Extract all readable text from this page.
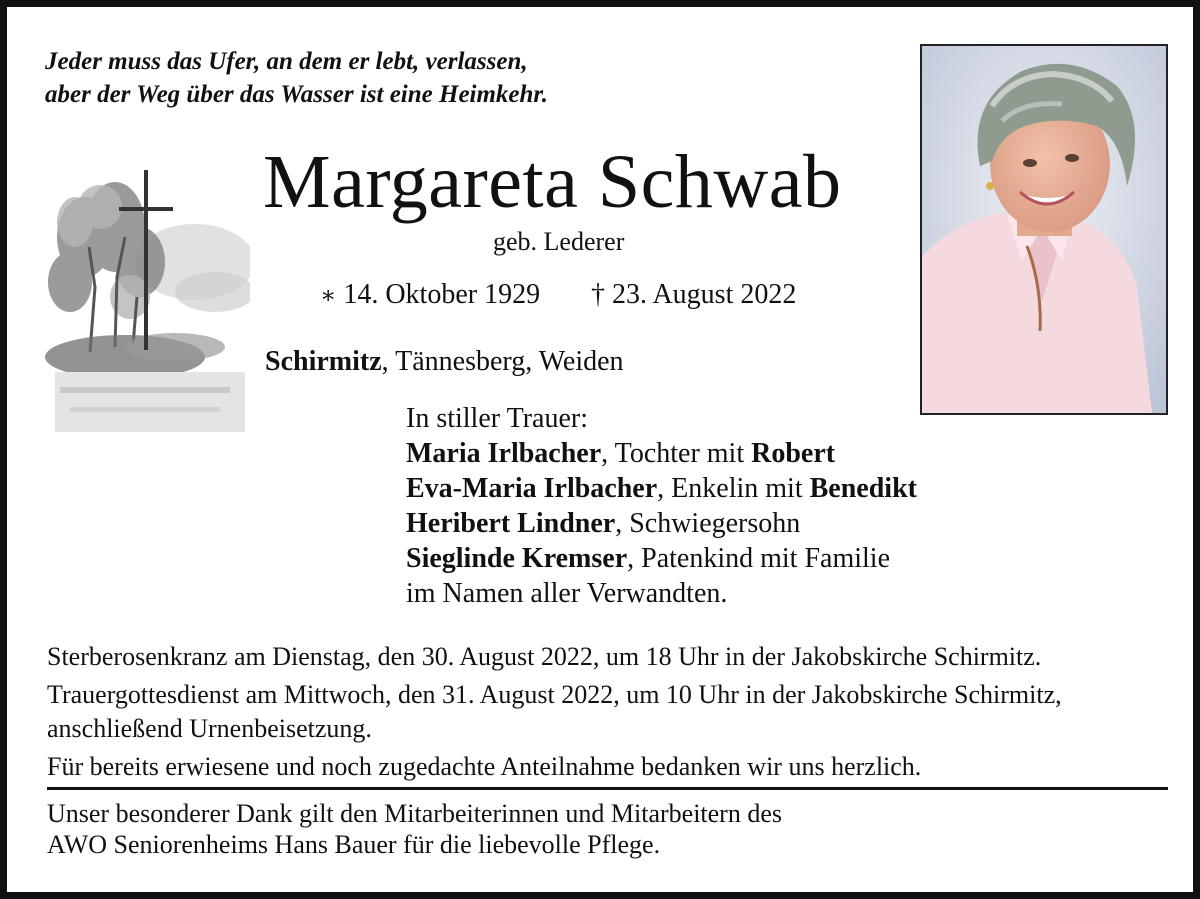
Jeder muss das Ufer, an dem er lebt, verlassen,
aber der Weg über das Wasser ist eine Heimkehr.
Margareta Schwab
geb. Lederer
∗ 14. Oktober 1929 † 23. August 2022
Schirmitz, Tännesberg, Weiden
In stiller Trauer:
Maria Irlbacher, Tochter mit Robert
Eva-Maria Irlbacher, Enkelin mit Benedikt
Heribert Lindner, Schwiegersohn
Sieglinde Kremser, Patenkind mit Familie
im Namen aller Verwandten.
Sterberosenkranz am Dienstag, den 30. August 2022, um 18 Uhr in der Jakobskirche Schirmitz.
Trauergottesdienst am Mittwoch, den 31. August 2022, um 10 Uhr in der Jakobskirche Schirmitz,
anschließend Urnenbeisetzung.
Für bereits erwiesene und noch zugedachte Anteilnahme bedanken wir uns herzlich.
Unser besonderer Dank gilt den Mitarbeiterinnen und Mitarbeitern des
AWO Seniorenheims Hans Bauer für die liebevolle Pflege.
